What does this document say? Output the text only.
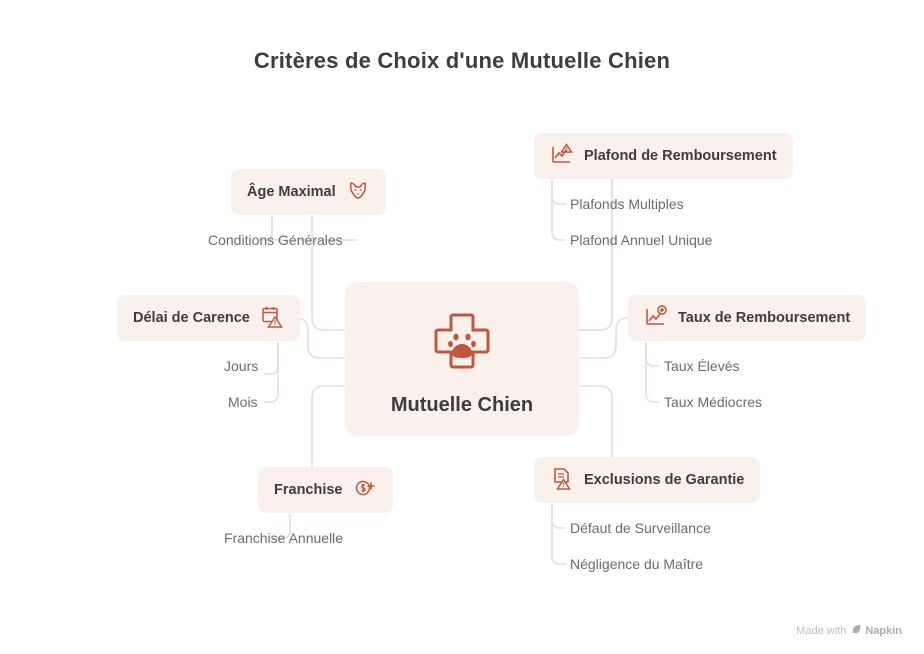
Critères de Choix d'une Mutuelle Chien
Mutuelle Chien
Plafond de Remboursement
Plafonds Multiples
Plafond Annuel Unique
Taux de Remboursement
Taux Élevés
Taux Médiocres
Exclusions de Garantie
Défaut de Surveillance
Négligence du Maître
Âge Maximal
Conditions Générales
Délai de Carence
Jours
Mois
Franchise
Franchise Annuelle
Made with Napkin
